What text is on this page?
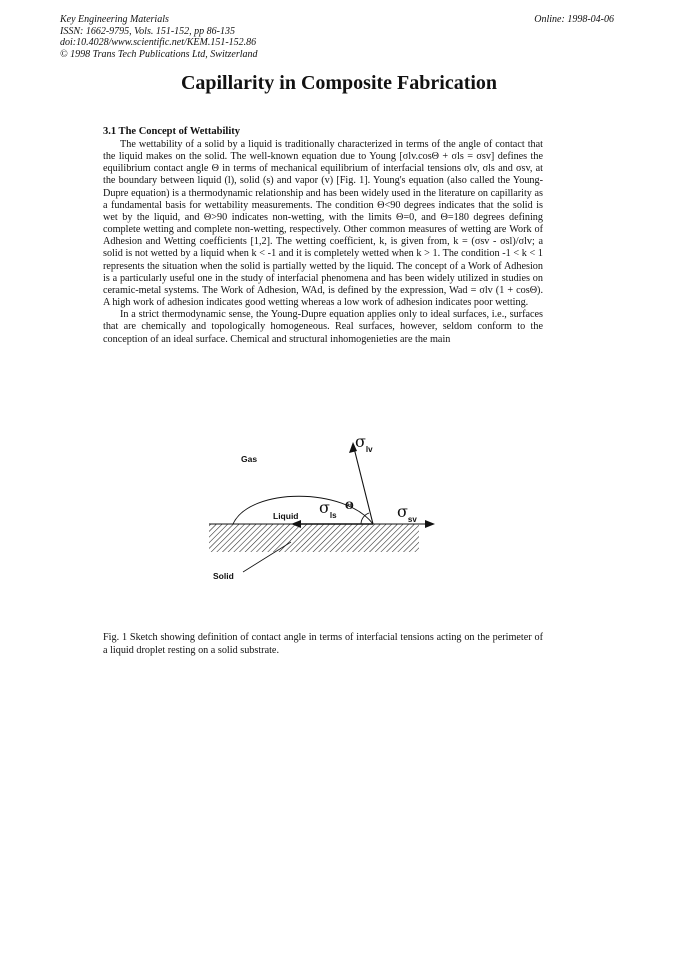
Key Engineering Materials
ISSN: 1662-9795, Vols. 151-152, pp 86-135
doi:10.4028/www.scientific.net/KEM.151-152.86
© 1998 Trans Tech Publications Ltd, Switzerland
Online: 1998-04-06
Capillarity in Composite Fabrication
3.1 The Concept of Wettability

The wettability of a solid by a liquid is traditionally characterized in terms of the angle of contact that the liquid makes on the solid. The well-known equation due to Young [σlv.cosΘ + σls = σsv] defines the equilibrium contact angle Θ in terms of mechanical equilibrium of interfacial tensions σlv, σls and σsv, at the boundary between liquid (l), solid (s) and vapor (v) [Fig. 1]. Young's equation (also called the Young-Dupre equation) is a thermodynamic relationship and has been widely used in the literature on capillarity as a fundamental basis for wettability measurements. The condition Θ<90 degrees indicates that the solid is wet by the liquid, and Θ>90 indicates non-wetting, with the limits Θ=0, and Θ=180 degrees defining complete wetting and complete non-wetting, respectively. Other common measures of wetting are Work of Adhesion and Wetting coefficients [1,2]. The wetting coefficient, k, is given from, k = (σsv - σsl)/σlv; a solid is not wetted by a liquid when k < -1 and it is completely wetted when k > 1. The condition -1 < k < 1 represents the situation when the solid is partially wetted by the liquid. The concept of a Work of Adhesion is a particularly useful one in the study of interfacial phenomena and has been widely utilized in studies on ceramic-metal systems. The Work of Adhesion, WAd, is defined by the expression, Wad = σlv (1 + cosΘ). A high work of adhesion indicates good wetting whereas a low work of adhesion indicates poor wetting.

In a strict thermodynamic sense, the Young-Dupre equation applies only to ideal surfaces, i.e., surfaces that are chemically and topologically homogeneous. Real surfaces, however, seldom conform to the conception of an ideal surface. Chemical and structural inhomogenieties are the main

Gas
Liquid
Solid
$\sigma_{lv}$
$\sigma_{ls}$	$\sigma_{sv}$
Θ
Fig. 1 Sketch showing definition of contact angle in terms of interfacial tensions acting on the perimeter of a liquid droplet resting on a solid substrate.
